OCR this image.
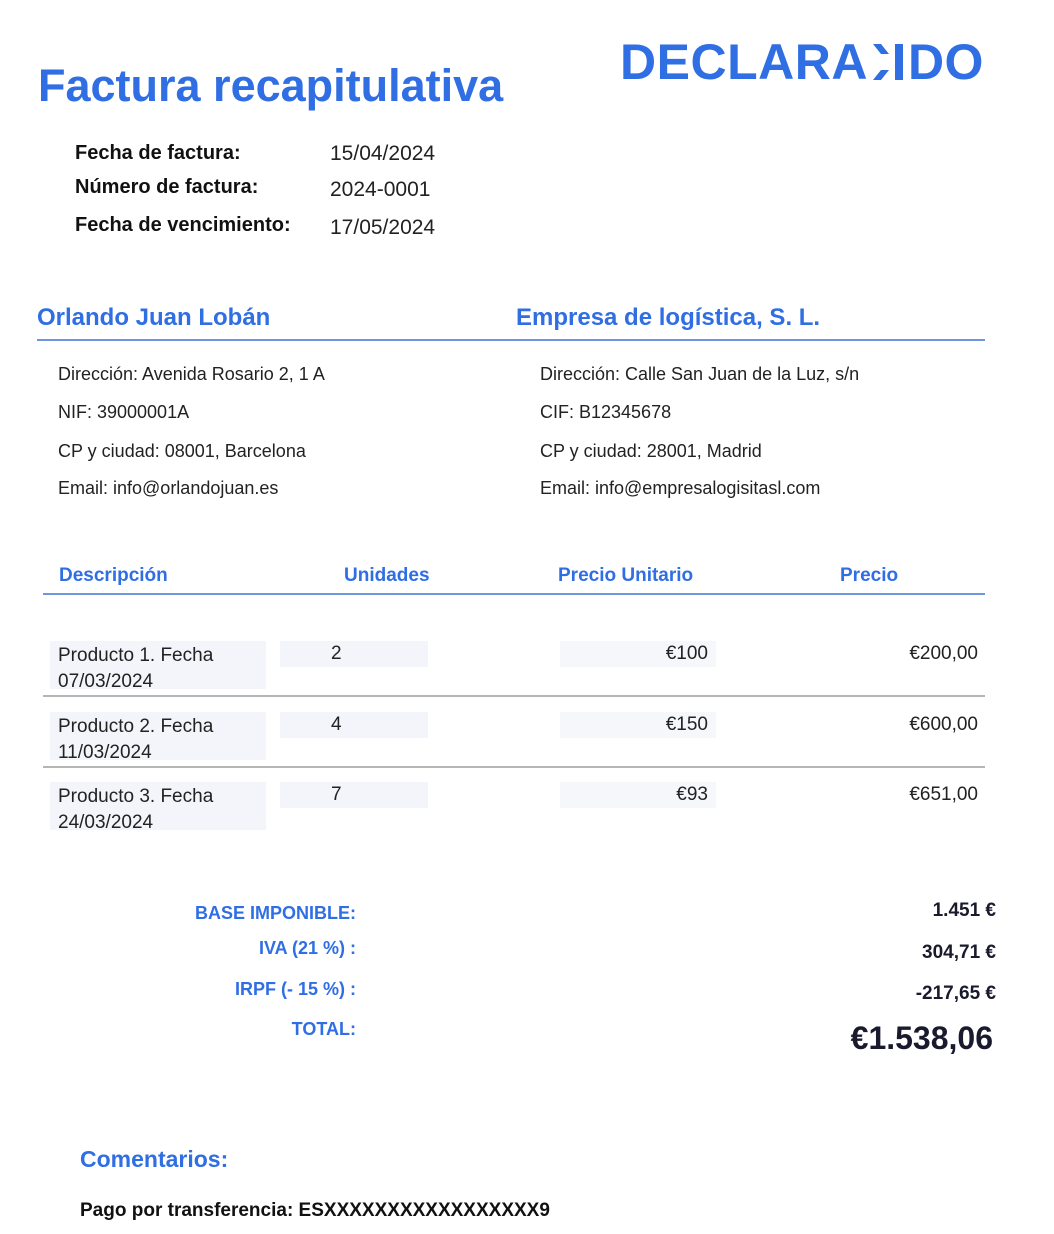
Factura recapitulativa DECLARA DO
Fecha de factura:	15/04/2024
Número de factura:	2024-0001
Fecha de vencimiento: 17/05/2024
Orlando Juan Lobán	Empresa de logística, S. L.
Dirección: Avenida Rosario 2, 1 A
NIF: 39000001A
CP y ciudad: 08001, Barcelona
Email: info@orlandojuan.es
Dirección: Calle San Juan de la Luz, s/n
CIF: B12345678
CP y ciudad: 28001, Madrid
Email: info@empresalogisitasl.com
Descripción	Unidades	Precio Unitario	Precio
Producto 1. Fecha
07/03/2024
2	€100	€200,00
Producto 2. Fecha
11/03/2024
4	€150	€600,00
Producto 3. Fecha
24/03/2024
7	€93	€651,00
BASE IMPONIBLE:	1.451 €
IVA (21 %) :	304,71 €
IRPF (- 15 %) :	-217,65 €
TOTAL:	€1.538,06
Comentarios:
Pago por transferencia: ESXXXXXXXXXXXXXXXXX9
